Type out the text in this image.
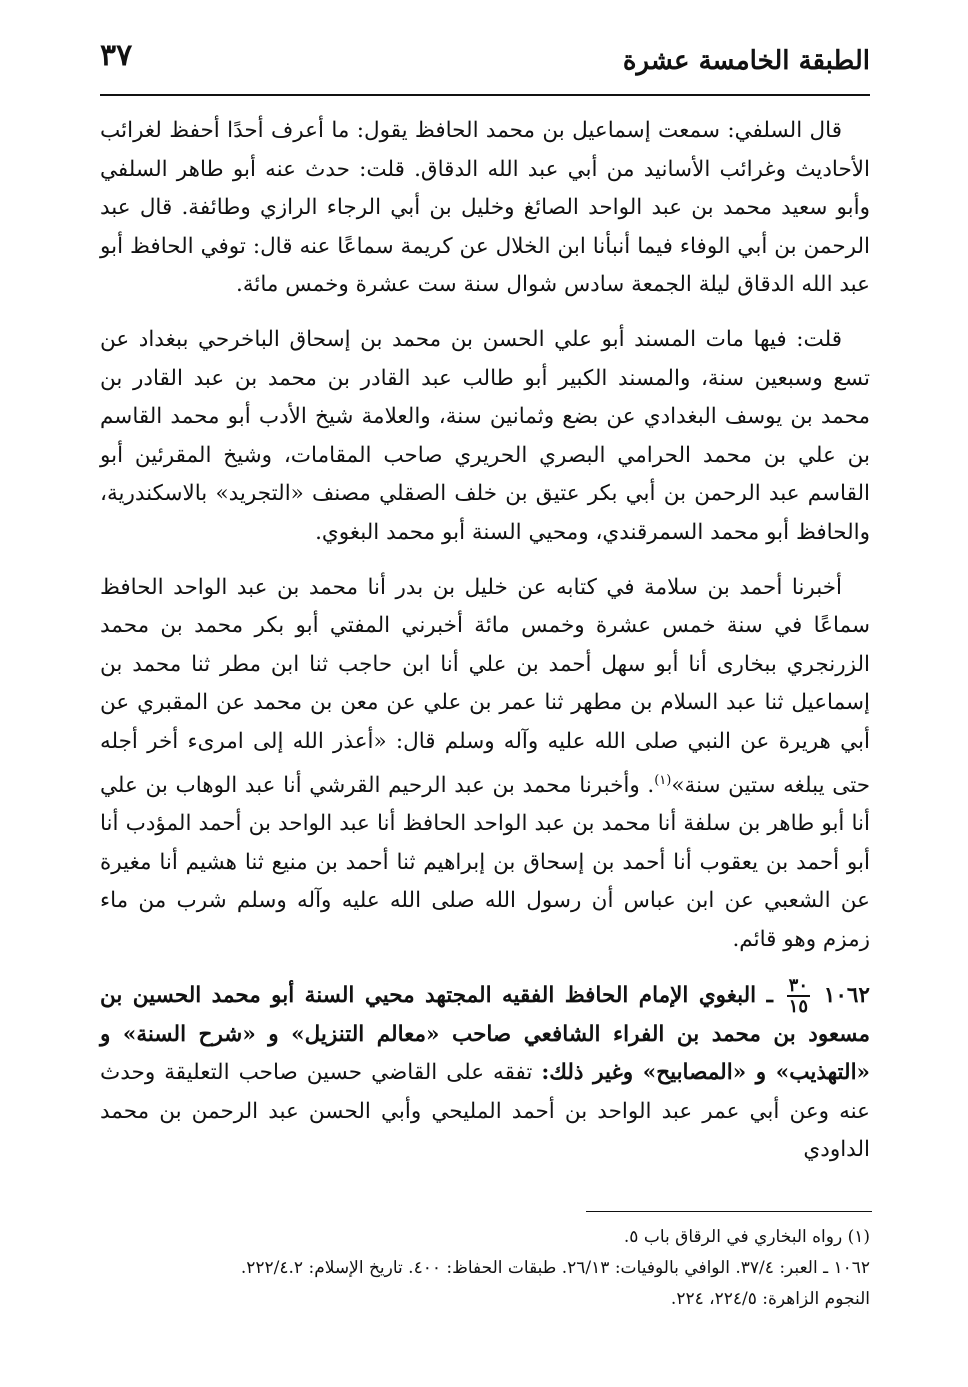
الطبقة الخامسة عشرة
٣٧

قال السلفي: سمعت إسماعيل بن محمد الحافظ يقول: ما أعرف أحدًا أحفظ لغرائب الأحاديث وغرائب الأسانيد من أبي عبد الله الدقاق. قلت: حدث عنه أبو طاهر السلفي وأبو سعيد محمد بن عبد الواحد الصائغ وخليل بن أبي الرجاء الرازي وطائفة. قال عبد الرحمن بن أبي الوفاء فيما أنبأنا ابن الخلال عن كريمة سماعًا عنه قال: توفي الحافظ أبو عبد الله الدقاق ليلة الجمعة سادس شوال سنة ست عشرة وخمس مائة.

قلت: فيها مات المسند أبو علي الحسن بن محمد بن إسحاق الباخرحي ببغداد عن تسع وسبعين سنة، والمسند الكبير أبو طالب عبد القادر بن محمد بن عبد القادر بن محمد بن يوسف البغدادي عن بضع وثمانين سنة، والعلامة شيخ الأدب أبو محمد القاسم بن علي بن محمد الحرامي البصري الحريري صاحب المقامات، وشيخ المقرئين أبو القاسم عبد الرحمن بن أبي بكر عتيق بن خلف الصقلي مصنف «التجريد» بالاسكندرية، والحافظ أبو محمد السمرقندي، ومحيي السنة أبو محمد البغوي.

أخبرنا أحمد بن سلامة في كتابه عن خليل بن بدر أنا محمد بن عبد الواحد الحافظ سماعًا في سنة خمس عشرة وخمس مائة أخبرني المفتي أبو بكر محمد بن محمد الزرنجري ببخارى أنا أبو سهل أحمد بن علي أنا ابن حاجب ثنا ابن مطر ثنا محمد بن إسماعيل ثنا عبد السلام بن مطهر ثنا عمر بن علي عن معن بن محمد عن المقبري عن أبي هريرة عن النبي صلى الله عليه وآله وسلم قال: «أعذر الله إلى امرىء أخر أجله حتى يبلغه ستين سنة»$^{(١)}$. وأخبرنا محمد بن عبد الرحيم القرشي أنا عبد الوهاب بن علي أنا أبو طاهر بن سلفة أنا محمد بن عبد الواحد الحافظ أنا عبد الواحد بن أحمد المؤدب أنا أبو أحمد بن يعقوب أنا أحمد بن إسحاق بن إبراهيم ثنا أحمد بن منيع ثنا هشيم أنا مغيرة عن الشعبي عن ابن عباس أن رسول الله صلى الله عليه وآله وسلم شرب من ماء زمزم وهو قائم.

١٠٦٢
$\frac{٣٠}{١٥}$
ـ البغوي الإمام الحافظ الفقيه المجتهد محيي السنة أبو محمد الحسين بن مسعود بن محمد بن الفراء الشافعي صاحب «معالم التنزيل» و «شرح السنة» و «التهذيب» و «المصابيح» وغير ذلك: تفقه على القاضي حسين صاحب التعليقة وحدث عنه وعن أبي عمر عبد الواحد بن أحمد المليحي وأبي الحسن عبد الرحمن بن محمد الداودي

(١) رواه البخاري في الرقاق باب ٥.

١٠٦٢ ـ العبر: ٣٧/٤. الوافي بالوفيات: ٢٦/١٣. طبقات الحفاظ: ٤٠٠. تاريخ الإسلام: ٢٢٢/٤.٢.

النجوم الزاهرة: ٢٢٤/٥، ٢٢٤.
